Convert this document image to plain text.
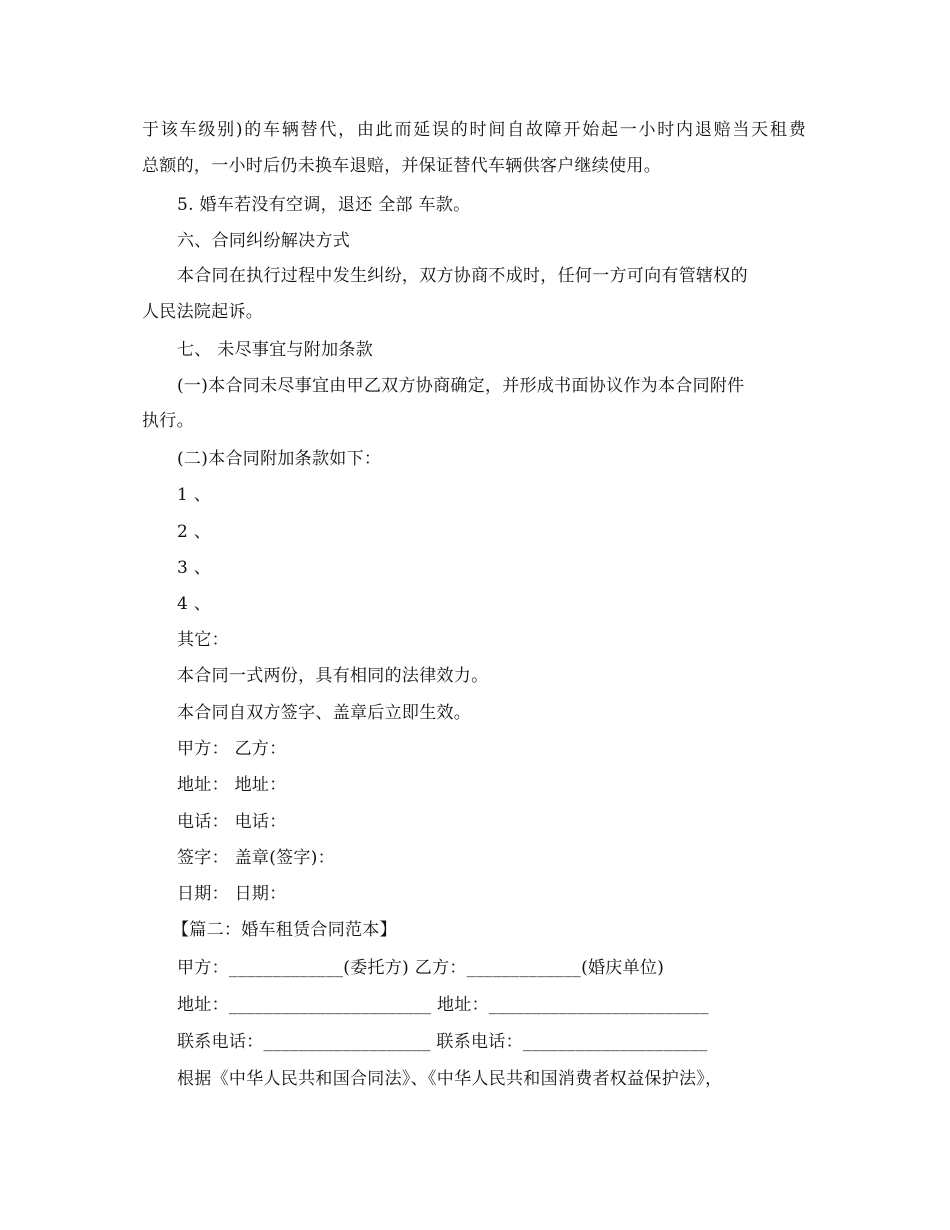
于该车级别)的车辆替代，由此而延误的时间自故障开始起一小时内退赔当天租费
总额的，一小时后仍未换车退赔，并保证替代车辆供客户继续使用。
5. 婚车若没有空调，退还 全部 车款。
六、合同纠纷解决方式
本合同在执行过程中发生纠纷，双方协商不成时，任何一方可向有管辖权的
人民法院起诉。
七、 未尽事宜与附加条款
(一)本合同未尽事宜由甲乙双方协商确定，并形成书面协议作为本合同附件
执行。
(二)本合同附加条款如下：
1 、
2 、
3 、
4 、
其它：
本合同一式两份，具有相同的法律效力。
本合同自双方签字、盖章后立即生效。
甲方： 乙方：
地址： 地址：
电话： 电话：
签字： 盖章(签字)：
日期： 日期：
【篇二：婚车租赁合同范本】
甲方：_____________(委托方) 乙方：_____________(婚庆单位)
地址：_______________________ 地址：_________________________
联系电话：___________________ 联系电话：_____________________
根据《中华人民共和国合同法》、《中华人民共和国消费者权益保护法》，
